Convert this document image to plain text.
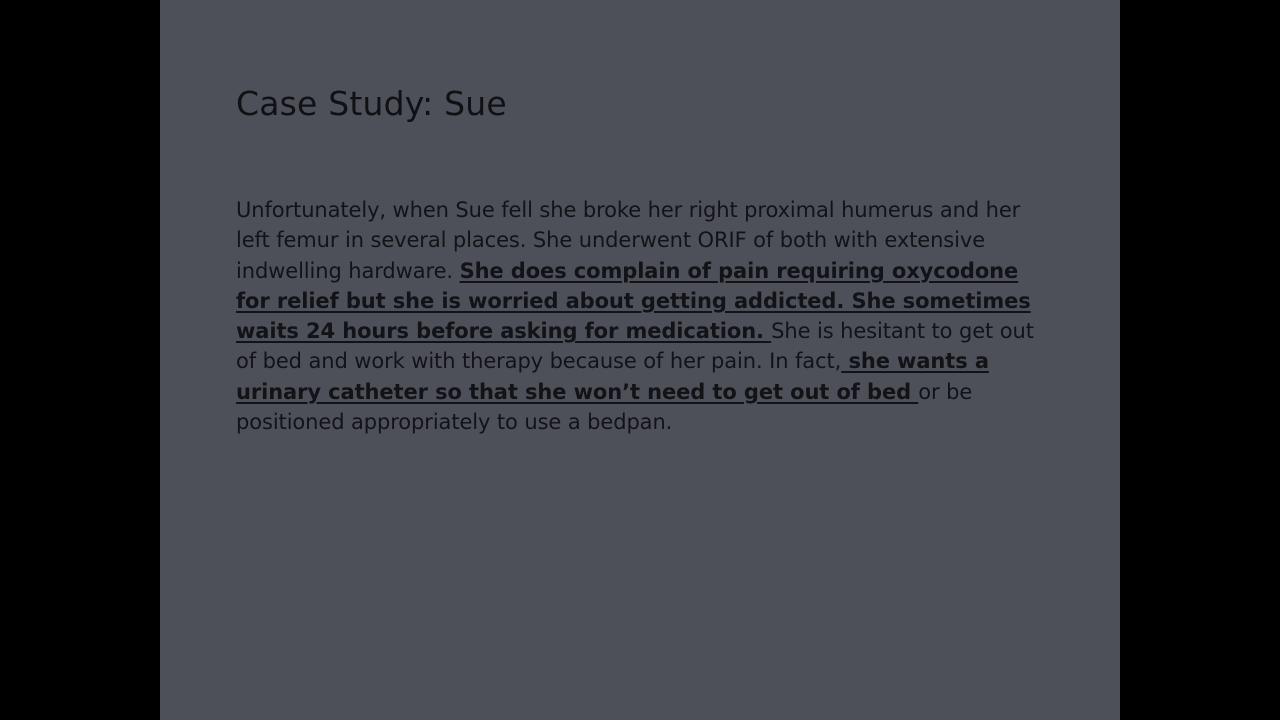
Case Study: Sue

Unfortunately, when Sue fell she broke her right proximal humerus and her left femur in several places. She underwent ORIF of both with extensive indwelling hardware. She does complain of pain requiring oxycodone for relief but she is worried about getting addicted. She sometimes waits 24 hours before asking for medication. She is hesitant to get out of bed and work with therapy because of her pain. In fact, she wants a urinary catheter so that she won’t need to get out of bed or be positioned appropriately to use a bedpan.
